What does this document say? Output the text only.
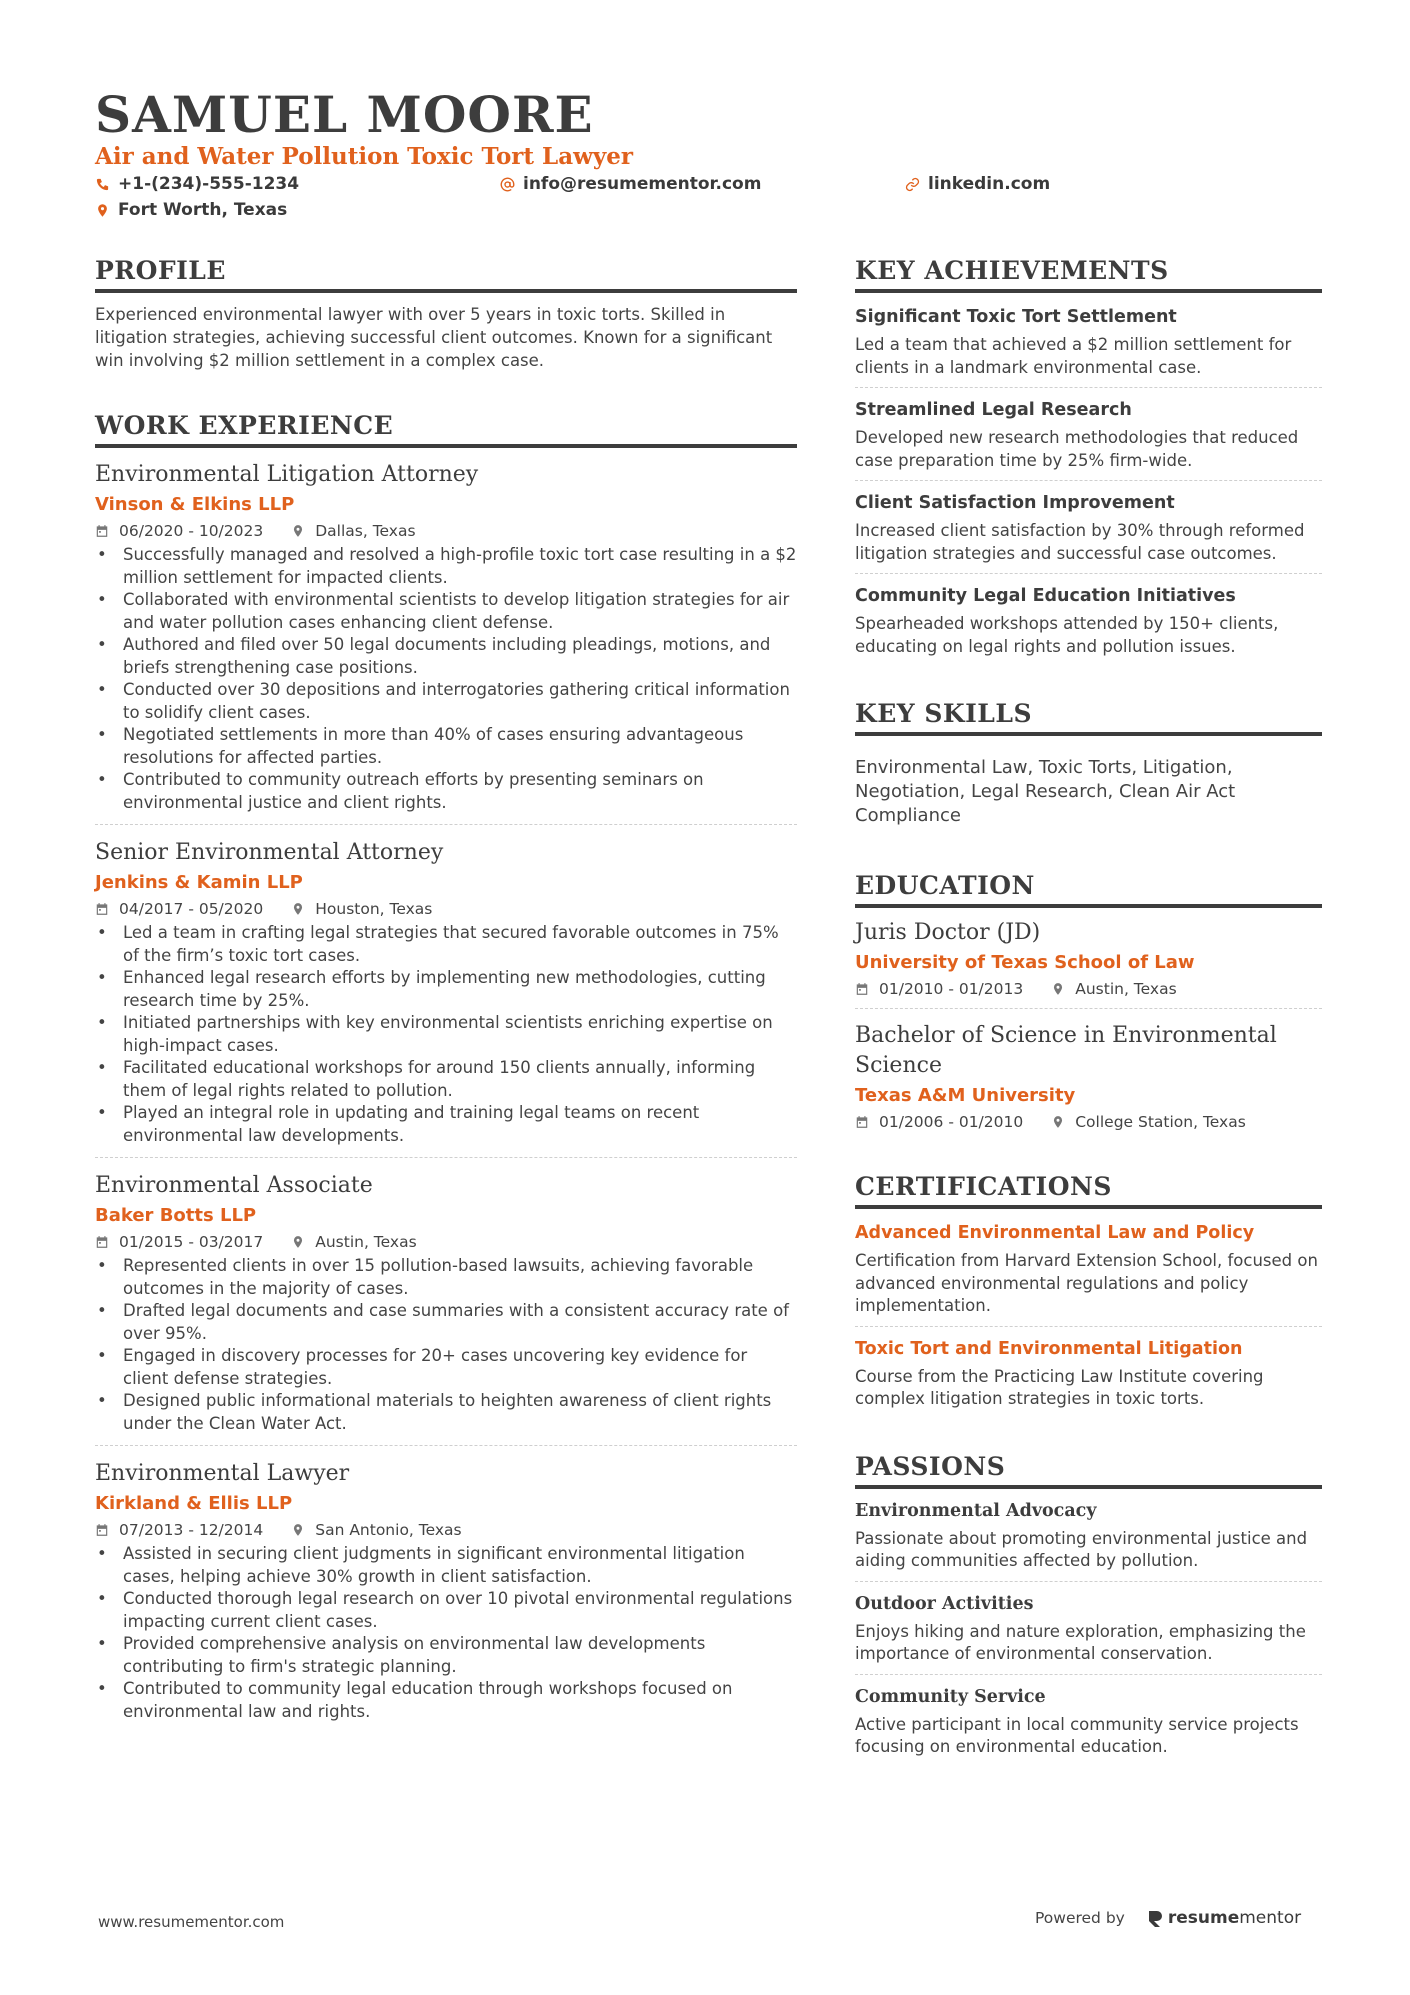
SAMUEL MOORE
Air and Water Pollution Toxic Tort Lawyer
+1-(234)-555-1234	info@resumementor.com	linkedin.com
Fort Worth, Texas
PROFILE
Experienced environmental lawyer with over 5 years in toxic torts. Skilled in litigation strategies, achieving successful client outcomes. Known for a significant win involving $2 million settlement in a complex case.
WORK EXPERIENCE
Environmental Litigation Attorney
Vinson & Elkins LLP
06/2020 - 10/2023	Dallas, Texas
• Successfully managed and resolved a high-profile toxic tort case resulting in a $2 million settlement for impacted clients.
• Collaborated with environmental scientists to develop litigation strategies for air and water pollution cases enhancing client defense.
• Authored and filed over 50 legal documents including pleadings, motions, and briefs strengthening case positions.
• Conducted over 30 depositions and interrogatories gathering critical information to solidify client cases.
• Negotiated settlements in more than 40% of cases ensuring advantageous resolutions for affected parties.
• Contributed to community outreach efforts by presenting seminars on environmental justice and client rights.
Senior Environmental Attorney
Jenkins & Kamin LLP
04/2017 - 05/2020	Houston, Texas
• Led a team in crafting legal strategies that secured favorable outcomes in 75% of the firm’s toxic tort cases.
• Enhanced legal research efforts by implementing new methodologies, cutting research time by 25%.
• Initiated partnerships with key environmental scientists enriching expertise on high-impact cases.
• Facilitated educational workshops for around 150 clients annually, informing them of legal rights related to pollution.
• Played an integral role in updating and training legal teams on recent environmental law developments.
Environmental Associate
Baker Botts LLP
01/2015 - 03/2017	Austin, Texas
• Represented clients in over 15 pollution-based lawsuits, achieving favorable outcomes in the majority of cases.
• Drafted legal documents and case summaries with a consistent accuracy rate of over 95%.
• Engaged in discovery processes for 20+ cases uncovering key evidence for client defense strategies.
• Designed public informational materials to heighten awareness of client rights under the Clean Water Act.
Environmental Lawyer
Kirkland & Ellis LLP
07/2013 - 12/2014	San Antonio, Texas
• Assisted in securing client judgments in significant environmental litigation cases, helping achieve 30% growth in client satisfaction.
• Conducted thorough legal research on over 10 pivotal environmental regulations impacting current client cases.
• Provided comprehensive analysis on environmental law developments contributing to firm's strategic planning.
• Contributed to community legal education through workshops focused on environmental law and rights.
KEY ACHIEVEMENTS
Significant Toxic Tort Settlement
Led a team that achieved a $2 million settlement for clients in a landmark environmental case.
Streamlined Legal Research
Developed new research methodologies that reduced case preparation time by 25% firm-wide.
Client Satisfaction Improvement
Increased client satisfaction by 30% through reformed litigation strategies and successful case outcomes.
Community Legal Education Initiatives
Spearheaded workshops attended by 150+ clients, educating on legal rights and pollution issues.
KEY SKILLS
Environmental Law, Toxic Torts, Litigation, Negotiation, Legal Research, Clean Air Act Compliance
EDUCATION
Juris Doctor (JD)
University of Texas School of Law
01/2010 - 01/2013	Austin, Texas
Bachelor of Science in Environmental Science
Texas A&M University
01/2006 - 01/2010	College Station, Texas
CERTIFICATIONS
Advanced Environmental Law and Policy
Certification from Harvard Extension School, focused on advanced environmental regulations and policy implementation.
Toxic Tort and Environmental Litigation
Course from the Practicing Law Institute covering complex litigation strategies in toxic torts.
PASSIONS
Environmental Advocacy
Passionate about promoting environmental justice and aiding communities affected by pollution.
Outdoor Activities
Enjoys hiking and nature exploration, emphasizing the importance of environmental conservation.
Community Service
Active participant in local community service projects focusing on environmental education.
www.resumementor.com	Powered by	resumementor
